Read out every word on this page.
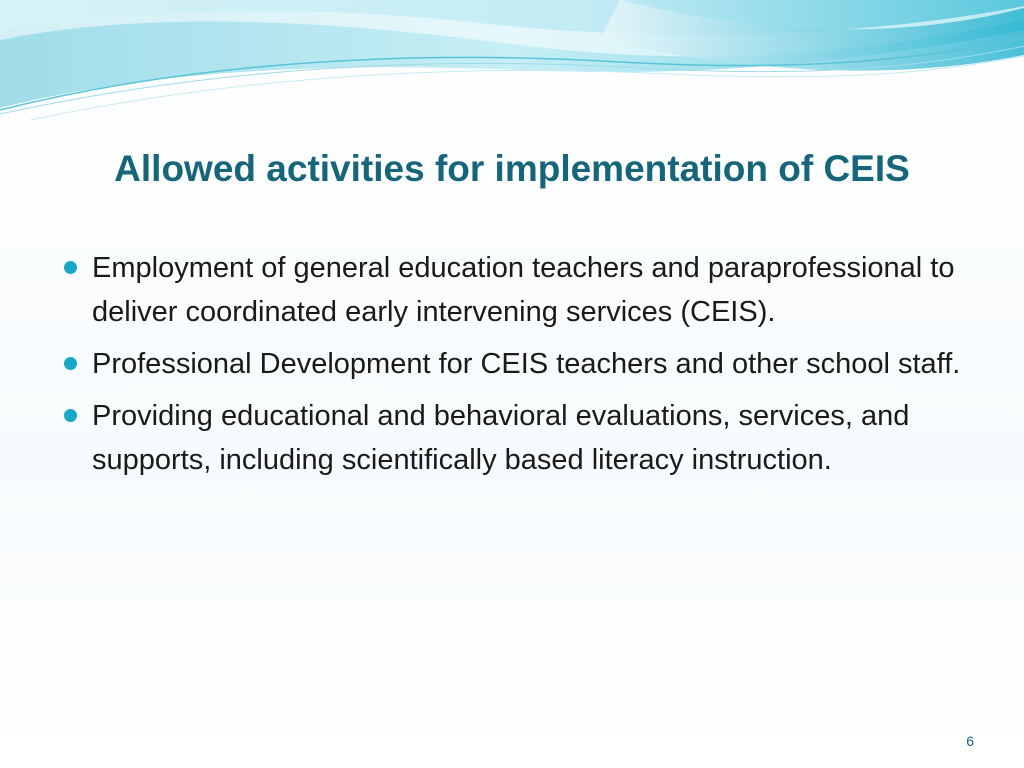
Allowed activities for implementation of CEIS
Employment of general education teachers and paraprofessional to deliver coordinated early intervening services (CEIS).
Professional Development for CEIS teachers and other school staff.
Providing educational and behavioral evaluations, services, and supports, including scientifically based literacy instruction.
6
